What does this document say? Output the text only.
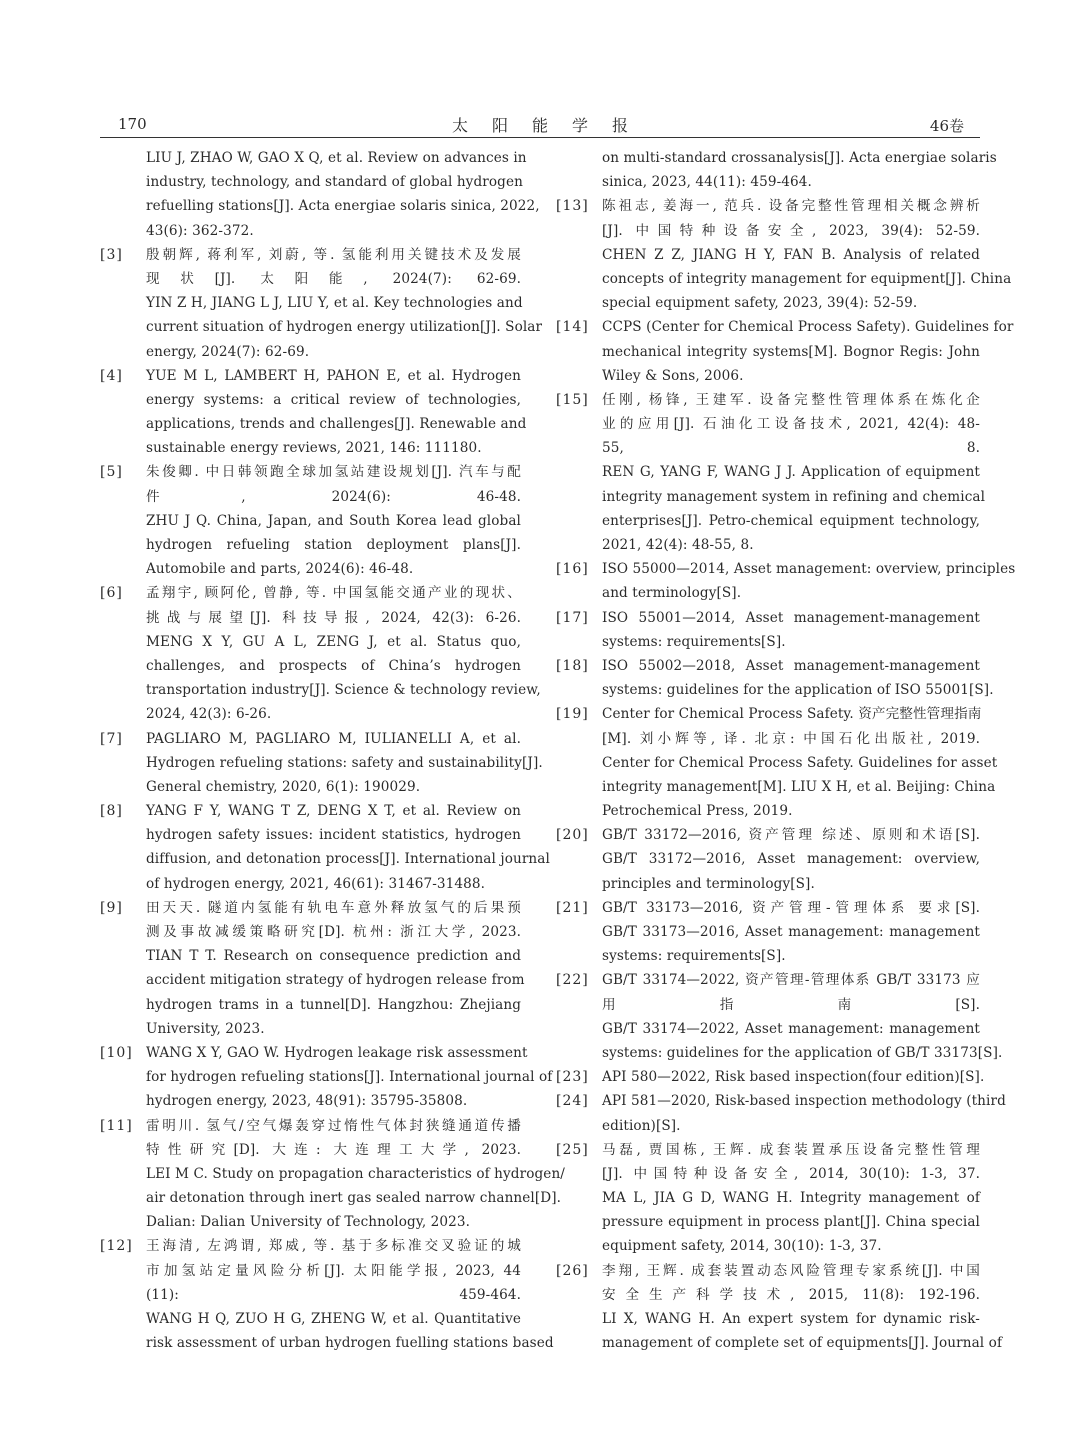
170	太阳能学报	46卷
LIU J, ZHAO W, GAO X Q, et al. Review on advances in
industry, technology, and standard of global hydrogen
refuelling stations[J]. Acta energiae solaris sinica, 2022,
43(6): 362-372.
[3] 殷朝辉, 蒋利军, 刘蔚, 等. 氢能利用关键技术及发展
现状[J]. 太阳能, 2024(7): 62-69.
YIN Z H, JIANG L J, LIU Y, et al. Key technologies and
current situation of hydrogen energy utilization[J]. Solar
energy, 2024(7): 62-69.
[4] YUE M L, LAMBERT H, PAHON E, et al. Hydrogen
energy systems: a critical review of technologies,
applications, trends and challenges[J]. Renewable and
sustainable energy reviews, 2021, 146: 111180.
[5] 朱俊卿. 中日韩领跑全球加氢站建设规划[J]. 汽车与配
件, 2024(6): 46-48.
ZHU J Q. China, Japan, and South Korea lead global
hydrogen refueling station deployment plans[J].
Automobile and parts, 2024(6): 46-48.
[6] 孟翔宇, 顾阿伦, 曾静, 等. 中国氢能交通产业的现状、
挑战与展望[J]. 科技导报, 2024, 42(3): 6-26.
MENG X Y, GU A L, ZENG J, et al. Status quo,
challenges, and prospects of China’s hydrogen
transportation industry[J]. Science & technology review,
2024, 42(3): 6-26.
[7] PAGLIARO M, PAGLIARO M, IULIANELLI A, et al.
Hydrogen refueling stations: safety and sustainability[J].
General chemistry, 2020, 6(1): 190029.
[8] YANG F Y, WANG T Z, DENG X T, et al. Review on
hydrogen safety issues: incident statistics, hydrogen
diffusion, and detonation process[J]. International journal
of hydrogen energy, 2021, 46(61): 31467-31488.
[9] 田天天. 隧道内氢能有轨电车意外释放氢气的后果预
测及事故减缓策略研究[D]. 杭州: 浙江大学, 2023.
TIAN T T. Research on consequence prediction and
accident mitigation strategy of hydrogen release from
hydrogen trams in a tunnel[D]. Hangzhou: Zhejiang
University, 2023.
[10] WANG X Y, GAO W. Hydrogen leakage risk assessment
for hydrogen refueling stations[J]. International journal of
hydrogen energy, 2023, 48(91): 35795-35808.
[11] 雷明川. 氢气/空气爆轰穿过惰性气体封狭缝通道传播
特性研究[D]. 大连: 大连理工大学, 2023.
LEI M C. Study on propagation characteristics of hydrogen/
air detonation through inert gas sealed narrow channel[D].
Dalian: Dalian University of Technology, 2023.
[12] 王海清, 左鸿谓, 郑威, 等. 基于多标准交叉验证的城
市加氢站定量风险分析[J]. 太阳能学报, 2023, 44
(11): 459-464.
WANG H Q, ZUO H G, ZHENG W, et al. Quantitative
risk assessment of urban hydrogen fuelling stations based
on multi-standard crossanalysis[J]. Acta energiae solaris
sinica, 2023, 44(11): 459-464.
[13] 陈祖志, 姜海一, 范兵. 设备完整性管理相关概念辨析
[J]. 中国特种设备安全, 2023, 39(4): 52-59.
CHEN Z Z, JIANG H Y, FAN B. Analysis of related
concepts of integrity management for equipment[J]. China
special equipment safety, 2023, 39(4): 52-59.
[14] CCPS (Center for Chemical Process Safety). Guidelines for
mechanical integrity systems[M]. Bognor Regis: John
Wiley & Sons, 2006.
[15] 任刚, 杨锋, 王建军. 设备完整性管理体系在炼化企
业的应用[J]. 石油化工设备技术, 2021, 42(4): 48-
55, 8.
REN G, YANG F, WANG J J. Application of equipment
integrity management system in refining and chemical
enterprises[J]. Petro-chemical equipment technology,
2021, 42(4): 48-55, 8.
[16] ISO 55000—2014, Asset management: overview, principles
and terminology[S].
[17] ISO 55001—2014, Asset management-management
systems: requirements[S].
[18] ISO 55002—2018, Asset management-management
systems: guidelines for the application of ISO 55001[S].
[19] Center for Chemical Process Safety. 资产完整性管理指南
[M]. 刘小辉等, 译. 北京: 中国石化出版社, 2019.
Center for Chemical Process Safety. Guidelines for asset
integrity management[M]. LIU X H, et al. Beijing: China
Petrochemical Press, 2019.
[20] GB/T 33172—2016, 资产管理 综述、原则和术语[S].
GB/T 33172—2016, Asset management: overview,
principles and terminology[S].
[21] GB/T 33173—2016, 资产管理-管理体系 要求[S].
GB/T 33173—2016, Asset management: management
systems: requirements[S].
[22] GB/T 33174—2022, 资产管理-管理体系 GB/T 33173 应
用指南[S].
GB/T 33174—2022, Asset management: management
systems: guidelines for the application of GB/T 33173[S].
[23] API 580—2022, Risk based inspection(four edition)[S].
[24] API 581—2020, Risk-based inspection methodology (third
edition)[S].
[25] 马磊, 贾国栋, 王辉. 成套装置承压设备完整性管理
[J]. 中国特种设备安全, 2014, 30(10): 1-3, 37.
MA L, JIA G D, WANG H. Integrity management of
pressure equipment in process plant[J]. China special
equipment safety, 2014, 30(10): 1-3, 37.
[26] 李翔, 王辉. 成套装置动态风险管理专家系统[J]. 中国
安全生产科学技术, 2015, 11(8): 192-196.
LI X, WANG H. An expert system for dynamic risk-
management of complete set of equipments[J]. Journal of
